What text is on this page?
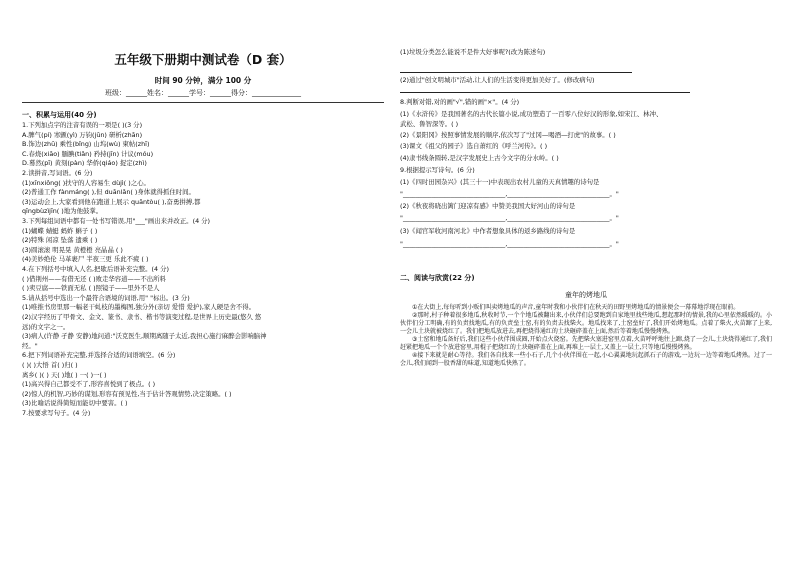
五年级下册期中测试卷（D 套）
时间 90 分钟，满分 100 分
班级：______姓名：______学号：______得分：______________
一、积累与运用(40 分)
1.下列加点字的注音有误的一项是( )(3 分)
A.脾气(pí) 寒颤(yì) 万钧(jūn) 研析(zhān)
B.饰边(zhū) 乘性(bǐng) 山坞(wù) 柬帖(zhī)
C.春烧(xiāo) 腼腆(tiǎn) 矜持(jīn) 计议(móu)
D.蓦然(pī) 黄刻(pàn) 华侨(qiáo) 捉定(zhì)
2.读拼音,写词语。(6 分)
(1)xīnxiǒng( )扶守的人容易生 dùjì( )之心。
(2)普通工作 fànmáng( ),但 duānlǎn( )身体就得抓住时间。
(3)运动会上,大家看到他在跑道上展示 quāntòu( ),奋勇拼搏,都
qīngbùzìjīn( )地为他鼓掌。
3.下列每组词语中都有一处书写错误,用"___"画出来并改正。(4 分)
(1)蝴蝶 蜻蜓 蚂蚱 蝌子 ( )
(2)特殊 闲凉 坠落 遗乘 ( )
(3)圆滚滚 明晃晃 黄橙橙 亮晶晶 ( )
(4)美妙绝伦 马革裹尸 半夜三更 乐此不疲 ( )
4.在下列括号中填入人名,把歇后语补充完整。(4 分)
( )借荆州——有借无还 ( )败走华容道——不出所料
( )卖豆腐——铁面无私 ( )照镜子——里外不是人
5.请从括号中选出一个最符合语境的词语,用" "标出。(3 分)
(1)唯推书房里那一幅老干虬枝的墨梅图,独分外(亲切 爱惜 爱护),家人硬是舍不得。
(2)汉字经历了甲骨文、金文、篆书、隶书、楷书等演变过程,是世界上历史最(悠久 悠
远)的文字之一。
(3)病人(许静 孑静 安静)地问道:"沃克医生,顺期离随子太近,我担心施行麻醉会影响脑神
经。"
6.把下列词语补充完整,并选择合适的词语填空。(6 分)
( )( )大悟 首( )归( )
离乡( )( ) 天( )地( ) 一( )一( )
(1)高兴得自己都受不了,形容喜悦到了极点。( )
(2)惊人的机智,巧妙的谋划,形容有预见性,当于估计答观情势,决定策略。( )
(3)比喻话说得简短而能切中要害。( )
7.按要求写句子。(4 分)
(1)垃圾分类怎么能说不是件大好事呢?(改为陈述句)
(2)通过"创文明城市"活动,让人们的生活变得更加美好了。(修改病句)
8.判断对错,对的画"√",错的画"×"。(4 分)
(1)《水浒传》是我国著名的古代长篇小说,成功塑造了一百零八位好汉的形象,如宋江、林冲、
武松、鲁智深等。( )
(2)《景阳冈》按照事情发展的顺序,依次写了"过冈—喝酒—打虎"的故事。( )
(3)课文《祖父的园子》选自萧红的《呼兰河传》。( )
(4)隶书线条圆转,是汉字发展史上古今文字的分水岭。( )
9.根据提示写诗句。(6 分)
(1)《四时田园杂兴》(其三十一)中表现出农村儿童的天真情趣的诗句是
"________________________________,________________________________。"
(2)《秋夜将晓出篱门迎凉有感》中赞美我国大好河山的诗句是
"________________________________,________________________________。"
(3)《闻官军收河南河北》中作者想象具体的返乡路线的诗句是
"________________________________,________________________________。"
二、阅读与欣赏(22 分)
童年的烤地瓜

①在大街上,每每听到小贩们叫卖烤地瓜的声音,童年时我和小伙伴们在秋天的田野里烤地瓜的情景便会一幕幕地浮现在眼前。

②那时,村子种着很多地瓜,秋收时节,一个个地瓜被翻出来,小伙伴们总要跑到自家地里找些地瓜,想起那时的情景,我的心里依然暖暖的。小伙伴们分工明确,有的负责找地瓜,有的负责垒土窑,有的负责去找柴火。地瓜找来了,土窑垒好了,我们开始烤地瓜。点着了柴火,火苗蹿了上来,一会儿土块就被烧红了。我们把地瓜放进去,再把烧得通红的土块砸碎盖在上面,然后等着地瓜慢慢烤熟。

③土窑和地瓜备好后,我们这些小伙伴围成圈,开始点火烧窑。先把柴火塞进窑里点着,火苗呼呼地往上蹿,烧了一会儿,土块烧得通红了,我们赶紧把地瓜一个个放进窑里,用棍子把烧红的土块砸碎盖在上面,再堆上一层土,又盖上一层土,只等地瓜慢慢烤熟。

④接下来就是耐心等待。我们各自找来一些小石子,几个小伙伴围在一起,小心翼翼地玩起抓石子的游戏,一边玩一边等着地瓜烤熟。过了一会儿,我们闻到一股香甜的味道,知道地瓜快熟了。
